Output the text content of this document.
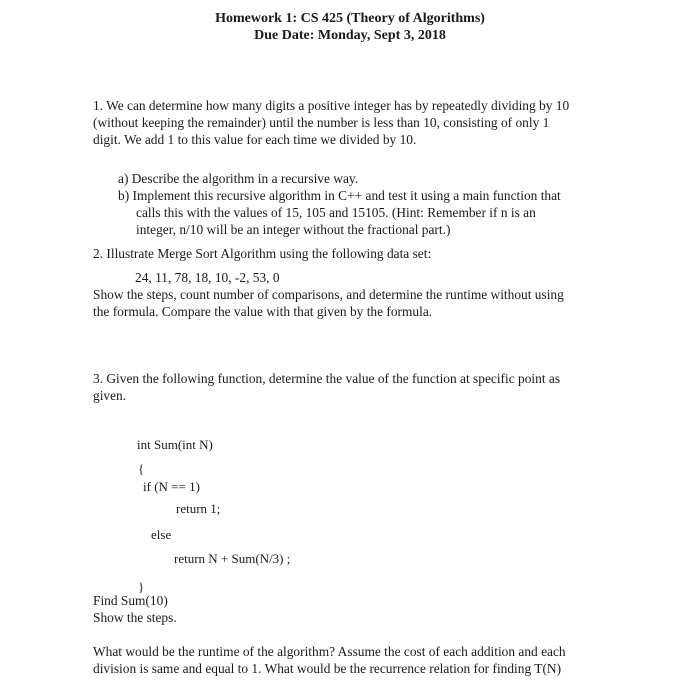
Homework 1: CS 425 (Theory of Algorithms)
Due Date: Monday, Sept 3, 2018
1. We can determine how many digits a positive integer has by repeatedly dividing by 10
(without keeping the remainder) until the number is less than 10, consisting of only 1
digit. We add 1 to this value for each time we divided by 10.
a) Describe the algorithm in a recursive way.
b) Implement this recursive algorithm in C++ and test it using a main function that
calls this with the values of 15, 105 and 15105. (Hint: Remember if n is an
integer, n/10 will be an integer without the fractional part.)
2. Illustrate Merge Sort Algorithm using the following data set:
24, 11, 78, 18, 10, -2, 53, 0
Show the steps, count number of comparisons, and determine the runtime without using
the formula. Compare the value with that given by the formula.
3. Given the following function, determine the value of the function at specific point as
given.
int Sum(int N)
{
if (N == 1)
return 1;
else
return N + Sum(N/3) ;
}
Find Sum(10)
Show the steps.
What would be the runtime of the algorithm? Assume the cost of each addition and each
division is same and equal to 1. What would be the recurrence relation for finding T(N)
